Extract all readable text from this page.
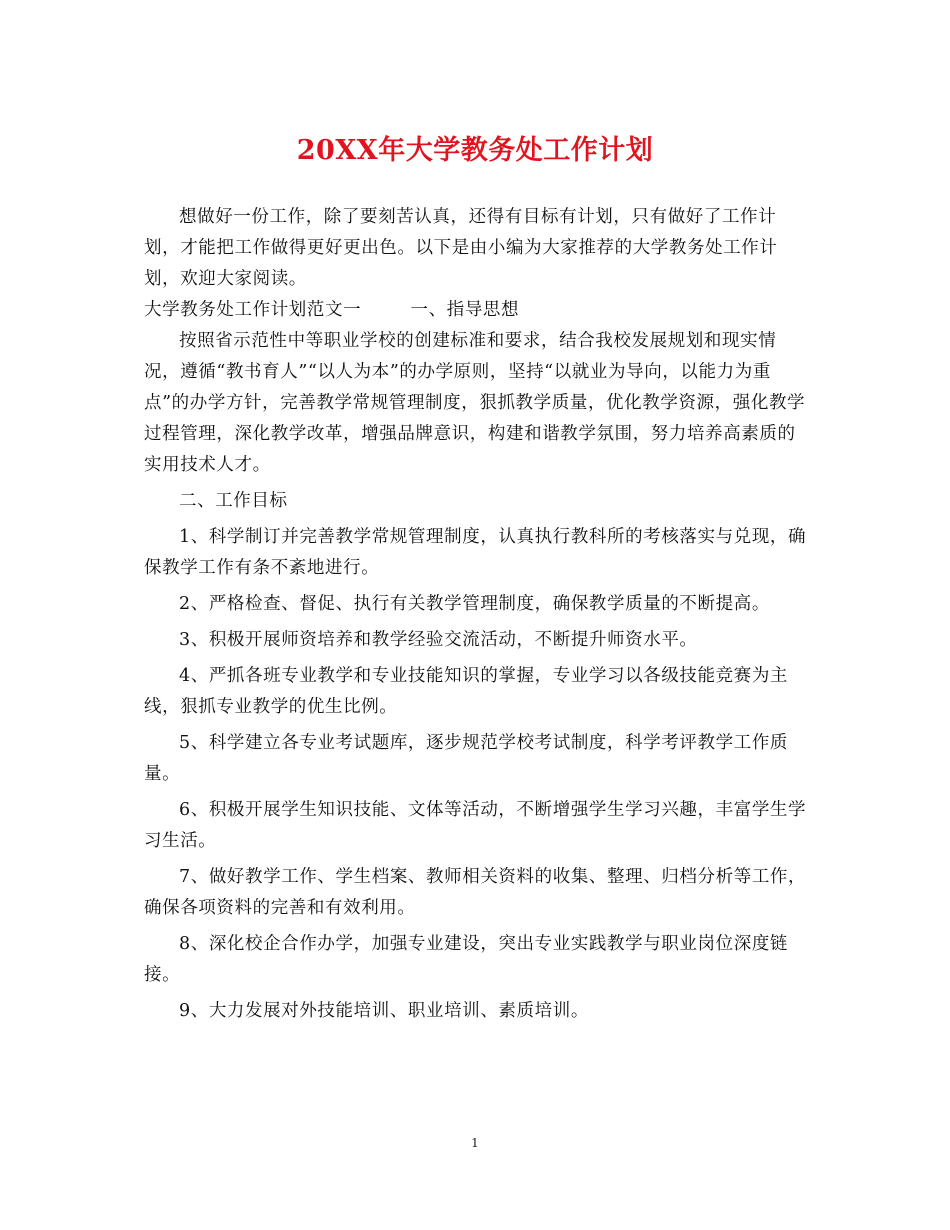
20XX年大学教务处工作计划

想做好一份工作，除了要刻苦认真，还得有目标有计划，只有做好了工作计划，才能把工作做得更好更出色。以下是由小编为大家推荐的大学教务处工作计划，欢迎大家阅读。

大学教务处工作计划范文一	一、指导思想

按照省示范性中等职业学校的创建标准和要求，结合我校发展规划和现实情况，遵循“教书育人”“以人为本”的办学原则，坚持“以就业为导向，以能力为重点”的办学方针，完善教学常规管理制度，狠抓教学质量，优化教学资源，强化教学过程管理，深化教学改革，增强品牌意识，构建和谐教学氛围，努力培养高素质的实用技术人才。

二、工作目标

1、科学制订并完善教学常规管理制度，认真执行教科所的考核落实与兑现，确保教学工作有条不紊地进行。

2、严格检查、督促、执行有关教学管理制度，确保教学质量的不断提高。

3、积极开展师资培养和教学经验交流活动，不断提升师资水平。

4、严抓各班专业教学和专业技能知识的掌握，专业学习以各级技能竞赛为主线，狠抓专业教学的优生比例。

5、科学建立各专业考试题库，逐步规范学校考试制度，科学考评教学工作质量。

6、积极开展学生知识技能、文体等活动，不断增强学生学习兴趣，丰富学生学习生活。

7、做好教学工作、学生档案、教师相关资料的收集、整理、归档分析等工作，确保各项资料的完善和有效利用。

8、深化校企合作办学，加强专业建设，突出专业实践教学与职业岗位深度链接。

9、大力发展对外技能培训、职业培训、素质培训。

1
